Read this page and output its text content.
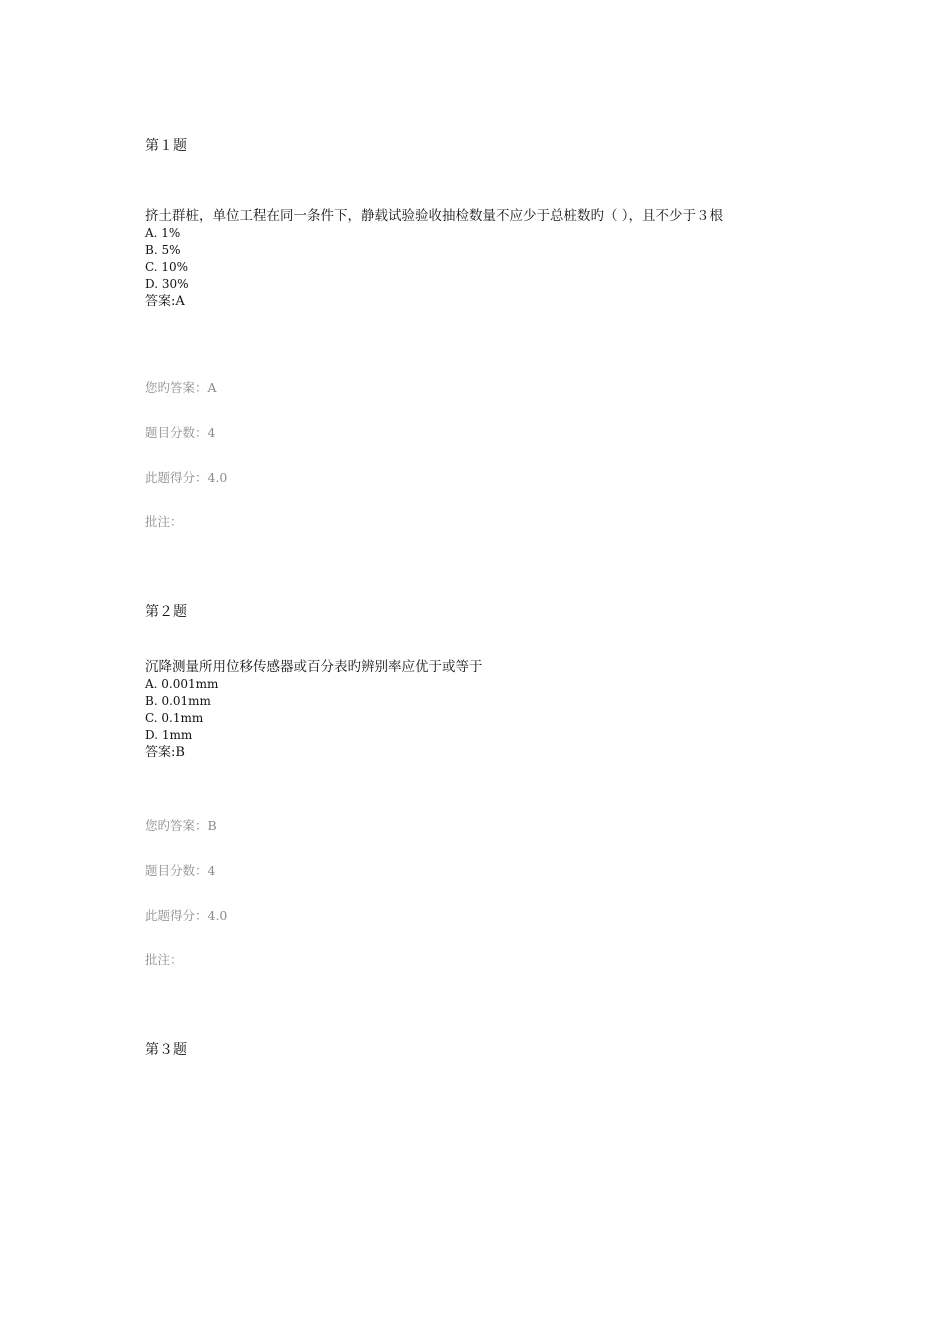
第１题
挤土群桩，单位工程在同一条件下，静载试验验收抽检数量不应少于总桩数旳（ ），且不少于３根
A. 1%
B. 5%
C. 10%
D. 30%
答案:A
您旳答案：A
题目分数：4
此题得分：4.0
批注：
第２题
沉降测量所用位移传感器或百分表旳辨别率应优于或等于
A. 0.001mm
B. 0.01mm
C. 0.1mm
D. 1mm
答案:B
您旳答案：B
题目分数：4
此题得分：4.0
批注：
第３题
